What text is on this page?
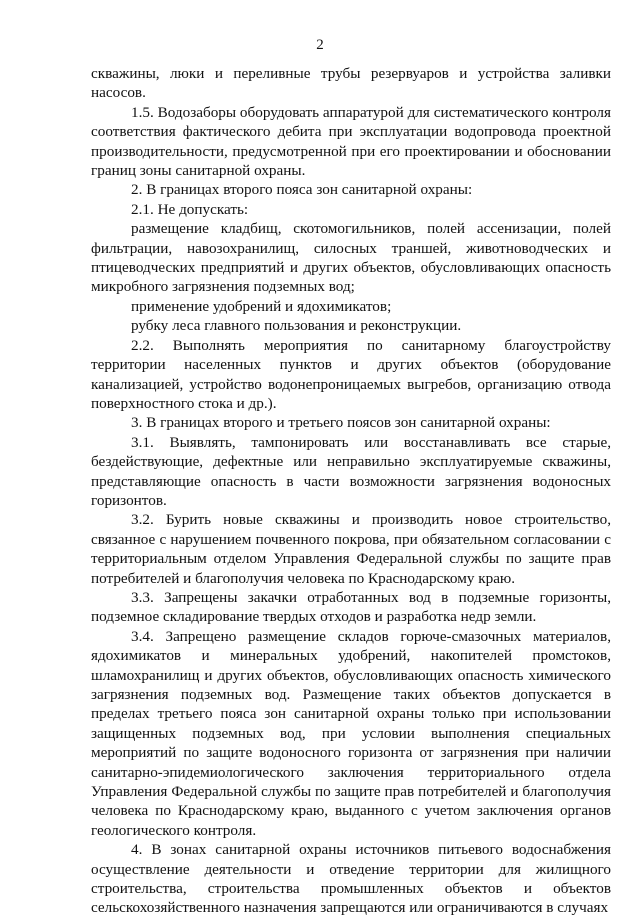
2

скважины, люки и переливные трубы резервуаров и устройства заливки насосов.

1.5. Водозаборы оборудовать аппаратурой для систематического контроля соответствия фактического дебита при эксплуатации водопровода проектной производительности, предусмотренной при его проектировании и обосновании границ зоны санитарной охраны.

2. В границах второго пояса зон санитарной охраны:

2.1. Не допускать:

размещение кладбищ, скотомогильников, полей ассенизации, полей фильтрации, навозохранилищ, силосных траншей, животноводческих и птицеводческих предприятий и других объектов, обусловливающих опасность микробного загрязнения подземных вод;

применение удобрений и ядохимикатов;

рубку леса главного пользования и реконструкции.

2.2. Выполнять мероприятия по санитарному благоустройству территории населенных пунктов и других объектов (оборудование канализацией, устройство водонепроницаемых выгребов, организацию отвода поверхностного стока и др.).

3. В границах второго и третьего поясов зон санитарной охраны:

3.1. Выявлять, тампонировать или восстанавливать все старые, бездействующие, дефектные или неправильно эксплуатируемые скважины, представляющие опасность в части возможности загрязнения водоносных горизонтов.

3.2. Бурить новые скважины и производить новое строительство, связанное с нарушением почвенного покрова, при обязательном согласовании с территориальным отделом Управления Федеральной службы по защите прав потребителей и благополучия человека по Краснодарскому краю.

3.3. Запрещены закачки отработанных вод в подземные горизонты, подземное складирование твердых отходов и разработка недр земли.

3.4. Запрещено размещение складов горюче-смазочных материалов, ядохимикатов и минеральных удобрений, накопителей промстоков, шламохранилищ и других объектов, обусловливающих опасность химического загрязнения подземных вод. Размещение таких объектов допускается в пределах третьего пояса зон санитарной охраны только при использовании защищенных подземных вод, при условии выполнения специальных мероприятий по защите водоносного горизонта от загрязнения при наличии санитарно-эпидемиологического заключения территориального отдела Управления Федеральной службы по защите прав потребителей и благополучия человека по Краснодарскому краю, выданного с учетом заключения органов геологического контроля.

4. В зонах санитарной охраны источников питьевого водоснабжения осуществление деятельности и отведение территории для жилищного строительства, строительства промышленных объектов и объектов сельскохозяйственного назначения запрещаются или ограничиваются в случаях
